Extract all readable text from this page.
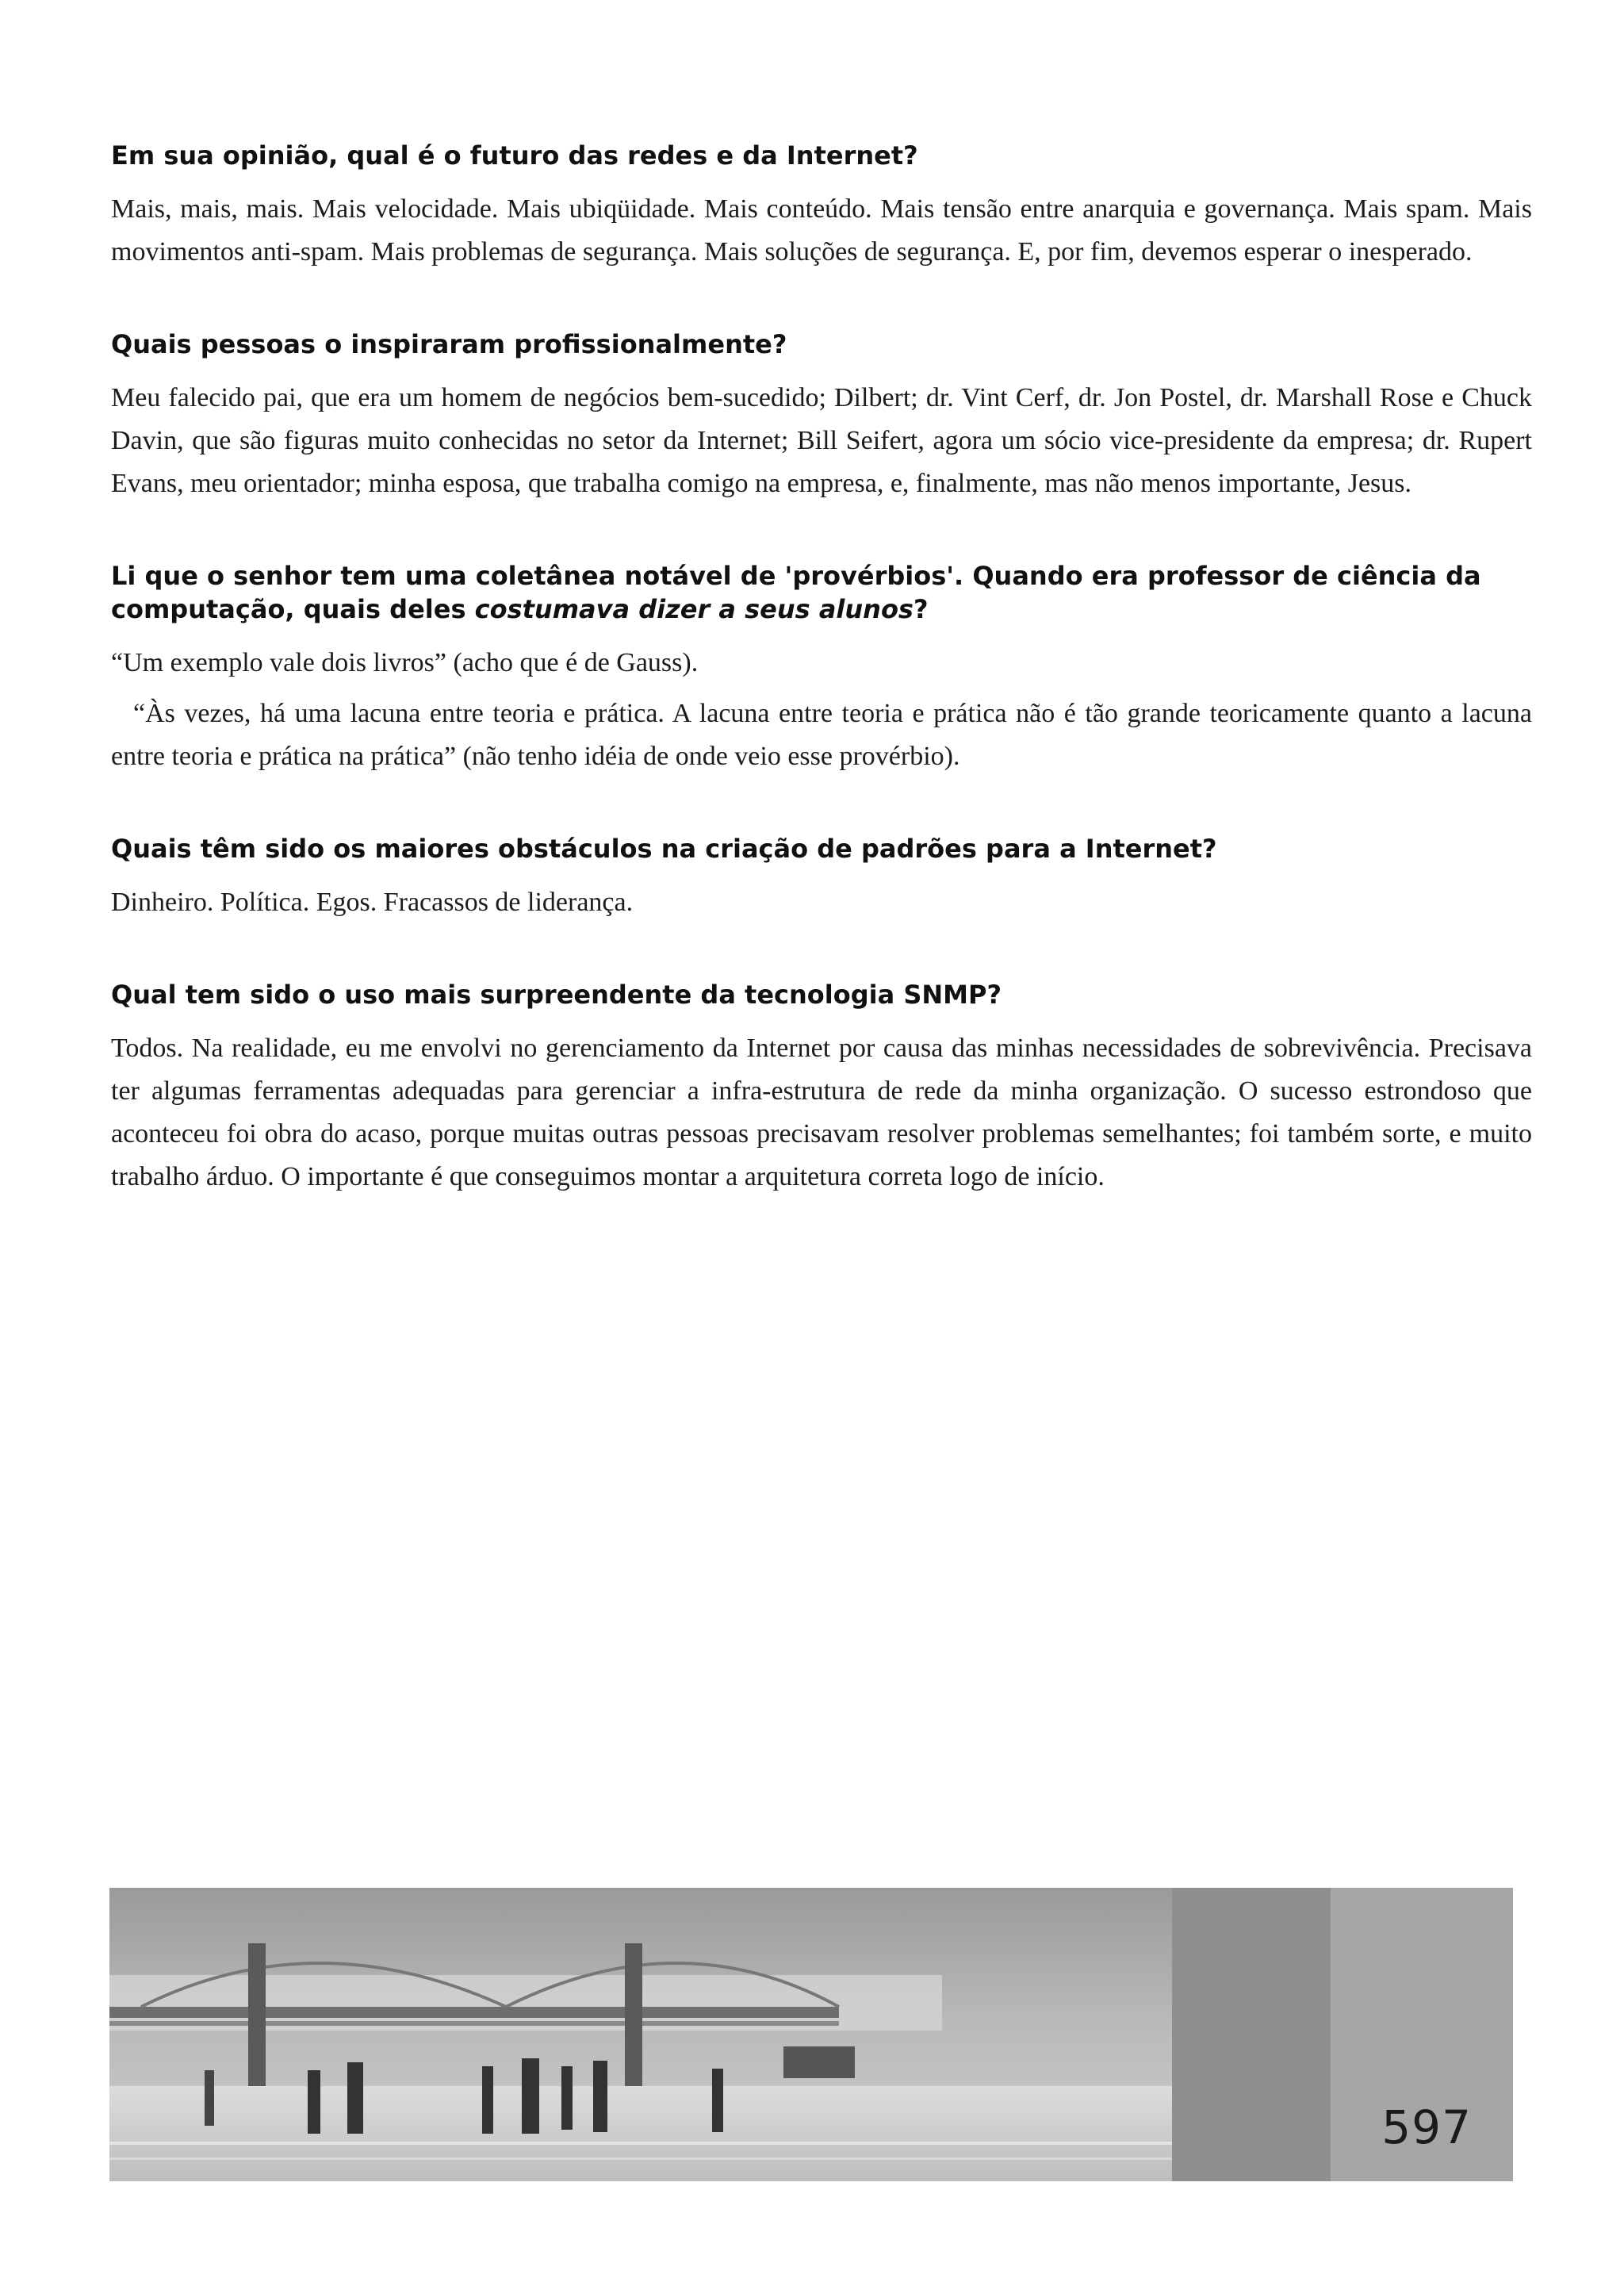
Em sua opinião, qual é o futuro das redes e da Internet?

Mais, mais, mais. Mais velocidade. Mais ubiqüidade. Mais conteúdo. Mais tensão entre anarquia e governança. Mais spam. Mais movimentos anti-spam. Mais problemas de segurança. Mais soluções de segurança. E, por fim, devemos esperar o inesperado.

Quais pessoas o inspiraram profissionalmente?

Meu falecido pai, que era um homem de negócios bem-sucedido; Dilbert; dr. Vint Cerf, dr. Jon Postel, dr. Marshall Rose e Chuck Davin, que são figuras muito conhecidas no setor da Internet; Bill Seifert, agora um sócio vice-presidente da empresa; dr. Rupert Evans, meu orientador; minha esposa, que trabalha comigo na empresa, e, finalmente, mas não menos importante, Jesus.

Li que o senhor tem uma coletânea notável de 'provérbios'. Quando era professor de ciência da computação, quais deles costumava dizer a seus alunos?

“Um exemplo vale dois livros” (acho que é de Gauss).

“Às vezes, há uma lacuna entre teoria e prática. A lacuna entre teoria e prática não é tão grande teoricamente quanto a lacuna entre teoria e prática na prática” (não tenho idéia de onde veio esse provérbio).

Quais têm sido os maiores obstáculos na criação de padrões para a Internet?

Dinheiro. Política. Egos. Fracassos de liderança.

Qual tem sido o uso mais surpreendente da tecnologia SNMP?

Todos. Na realidade, eu me envolvi no gerenciamento da Internet por causa das minhas necessidades de sobrevivência. Precisava ter algumas ferramentas adequadas para gerenciar a infra-estrutura de rede da minha organização. O sucesso estrondoso que aconteceu foi obra do acaso, porque muitas outras pessoas precisavam resolver problemas semelhantes; foi também sorte, e muito trabalho árduo. O importante é que conseguimos montar a arquitetura correta logo de início.

597
